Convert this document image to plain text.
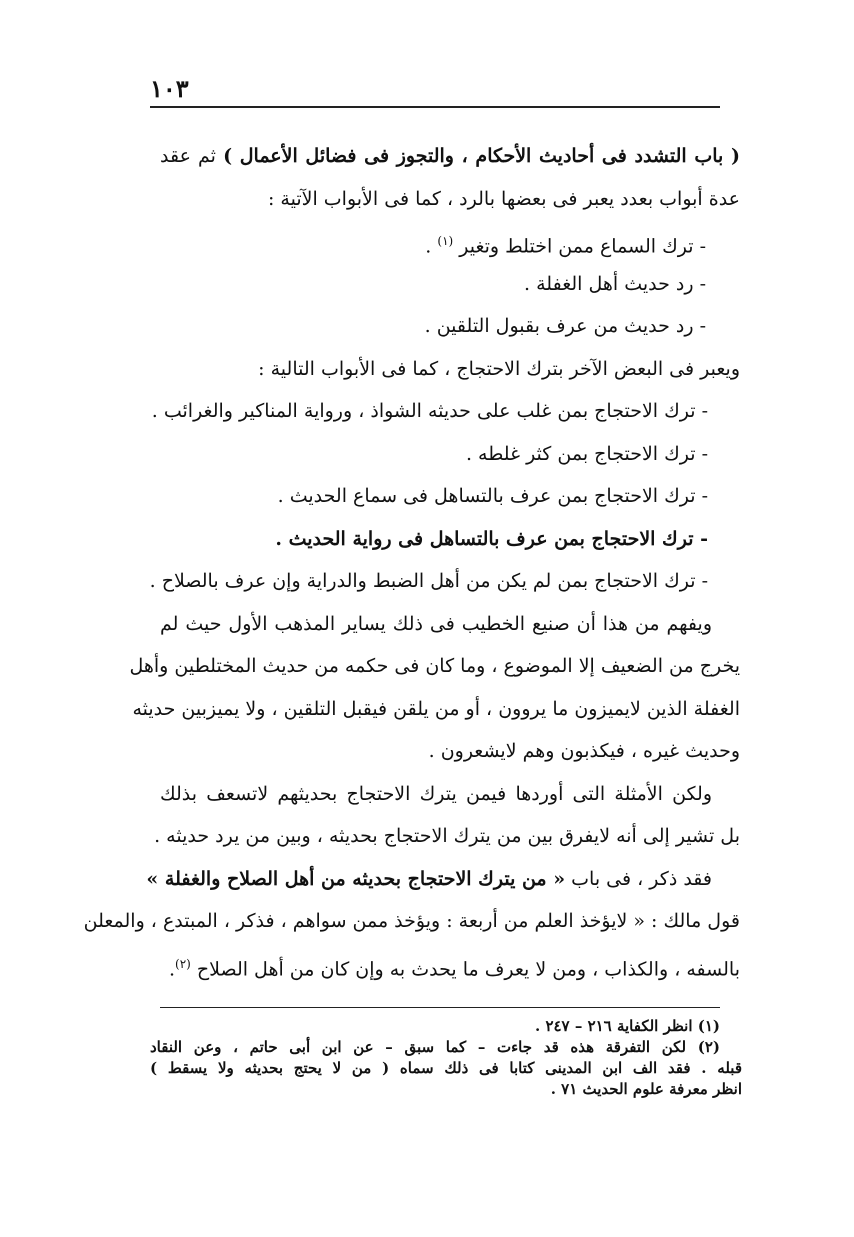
١٠٣
( باب التشدد فى أحاديث الأحكام ، والتجوز فى فضائل الأعمال ) ثم عقد
عدة أبواب بعدد يعبر فى بعضها بالرد ، كما فى الأبواب الآتية :
- ترك السماع ممن اختلط وتغير $^{(١)}$ .
- رد حديث أهل الغفلة .
- رد حديث من عرف بقبول التلقين .
ويعبر فى البعض الآخر بترك الاحتجاج ، كما فى الأبواب التالية :
- ترك الاحتجاج بمن غلب على حديثه الشواذ ، ورواية المناكير والغرائب .
- ترك الاحتجاج بمن كثر غلطه .
- ترك الاحتجاج بمن عرف بالتساهل فى سماع الحديث .
- ترك الاحتجاج بمن عرف بالتساهل فى رواية الحديث .
- ترك الاحتجاج بمن لم يكن من أهل الضبط والدراية وإن عرف بالصلاح .
ويفهم من هذا أن صنيع الخطيب فى ذلك يساير المذهب الأول حيث لم
يخرج من الضعيف إلا الموضوع ، وما كان فى حكمه من حديث المختلطين وأهل
الغفلة الذين لايميزون ما يروون ، أو من يلقن فيقبل التلقين ، ولا يميزبين حديثه
وحديث غيره ، فيكذبون وهم لايشعرون .
ولكن الأمثلة التى أوردها فيمن يترك الاحتجاج بحديثهم لاتسعف بذلك
بل تشير إلى أنه لايفرق بين من يترك الاحتجاج بحديثه ، وبين من يرد حديثه .
فقد ذكر ، فى باب « من يترك الاحتجاج بحديثه من أهل الصلاح والغفلة »
قول مالك : « لايؤخذ العلم من أربعة : ويؤخذ ممن سواهم ، فذكر ، المبتدع ، والمعلن
بالسفه ، والكذاب ، ومن لا يعرف ما يحدث به وإن كان من أهل الصلاح $^{(٢)}$.
(١) انظر الكفاية ٢١٦ – ٢٤٧ .
(٢) لكن التفرقة هذه قد جاءت – كما سبق – عن ابن أبى حاتم ، وعن النقاد
قبله . فقد الف ابن المدينى كتابا فى ذلك سماه ( من لا يحتج بحديثه ولا يسقط )
انظر معرفة علوم الحديث ٧١ .
